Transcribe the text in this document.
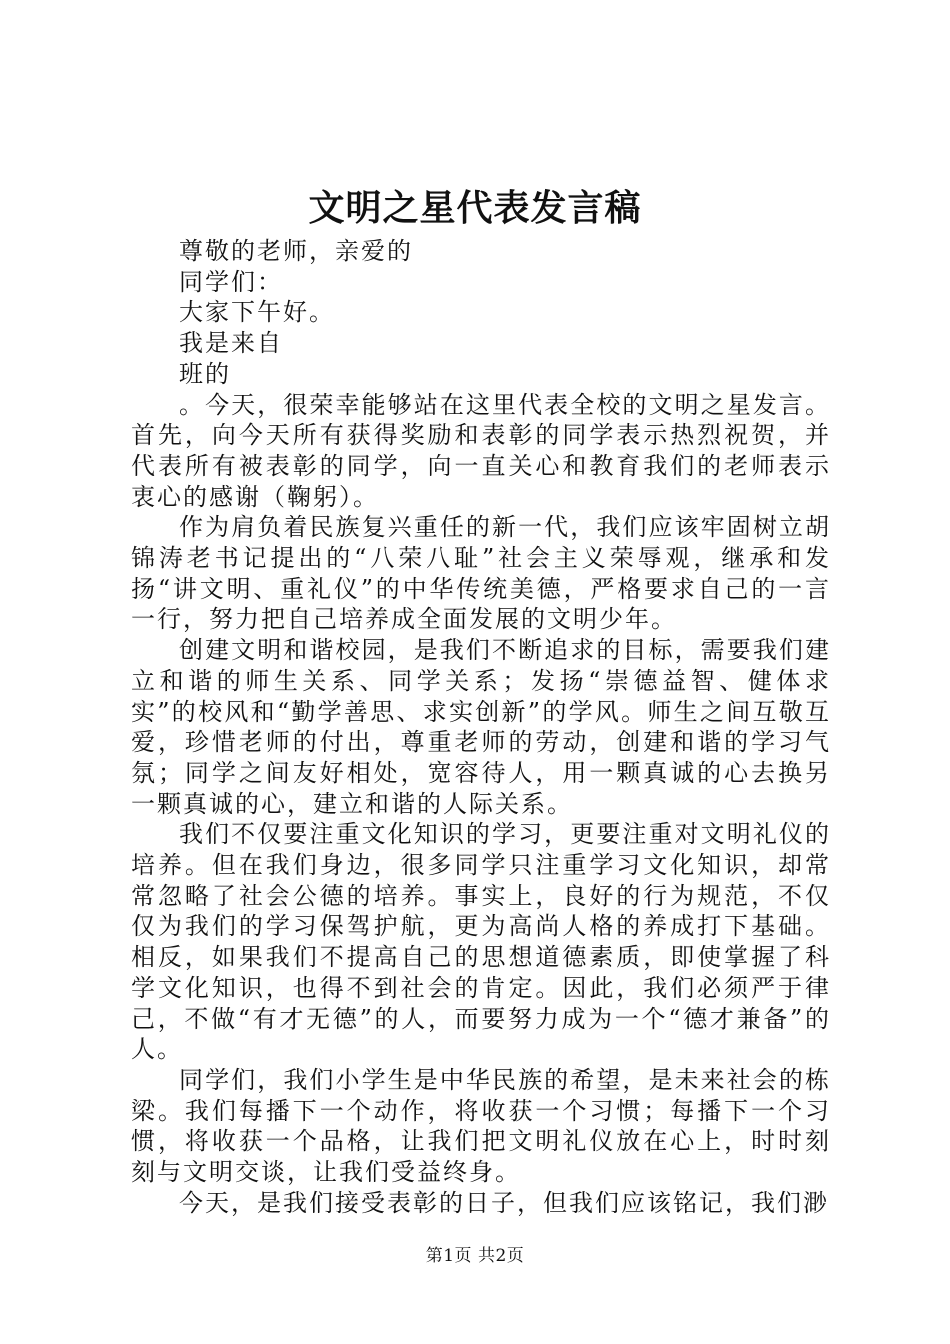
文明之星代表发言稿

尊敬的老师，亲爱的

同学们：

大家下午好。

我是来自

班的

。今天，很荣幸能够站在这里代表全校的文明之星发言。首先，向今天所有获得奖励和表彰的同学表示热烈祝贺，并代表所有被表彰的同学，向一直关心和教育我们的老师表示衷心的感谢（鞠躬）。

作为肩负着民族复兴重任的新一代，我们应该牢固树立胡锦涛老书记提出的“八荣八耻”社会主义荣辱观，继承和发扬“讲文明、重礼仪”的中华传统美德，严格要求自己的一言一行，努力把自己培养成全面发展的文明少年。

创建文明和谐校园，是我们不断追求的目标，需要我们建立和谐的师生关系、同学关系；发扬“崇德益智、健体求实”的校风和“勤学善思、求实创新”的学风。师生之间互敬互爱，珍惜老师的付出，尊重老师的劳动，创建和谐的学习气氛；同学之间友好相处，宽容待人，用一颗真诚的心去换另一颗真诚的心，建立和谐的人际关系。

我们不仅要注重文化知识的学习，更要注重对文明礼仪的培养。但在我们身边，很多同学只注重学习文化知识，却常常忽略了社会公德的培养。事实上，良好的行为规范，不仅仅为我们的学习保驾护航，更为高尚人格的养成打下基础。相反，如果我们不提高自己的思想道德素质，即使掌握了科学文化知识，也得不到社会的肯定。因此，我们必须严于律己，不做“有才无德”的人，而要努力成为一个“德才兼备”的人。

同学们，我们小学生是中华民族的希望，是未来社会的栋梁。我们每播下一个动作，将收获一个习惯；每播下一个习惯，将收获一个品格，让我们把文明礼仪放在心上，时时刻刻与文明交谈，让我们受益终身。

今天，是我们接受表彰的日子，但我们应该铭记，我们渺

第1页 共2页
